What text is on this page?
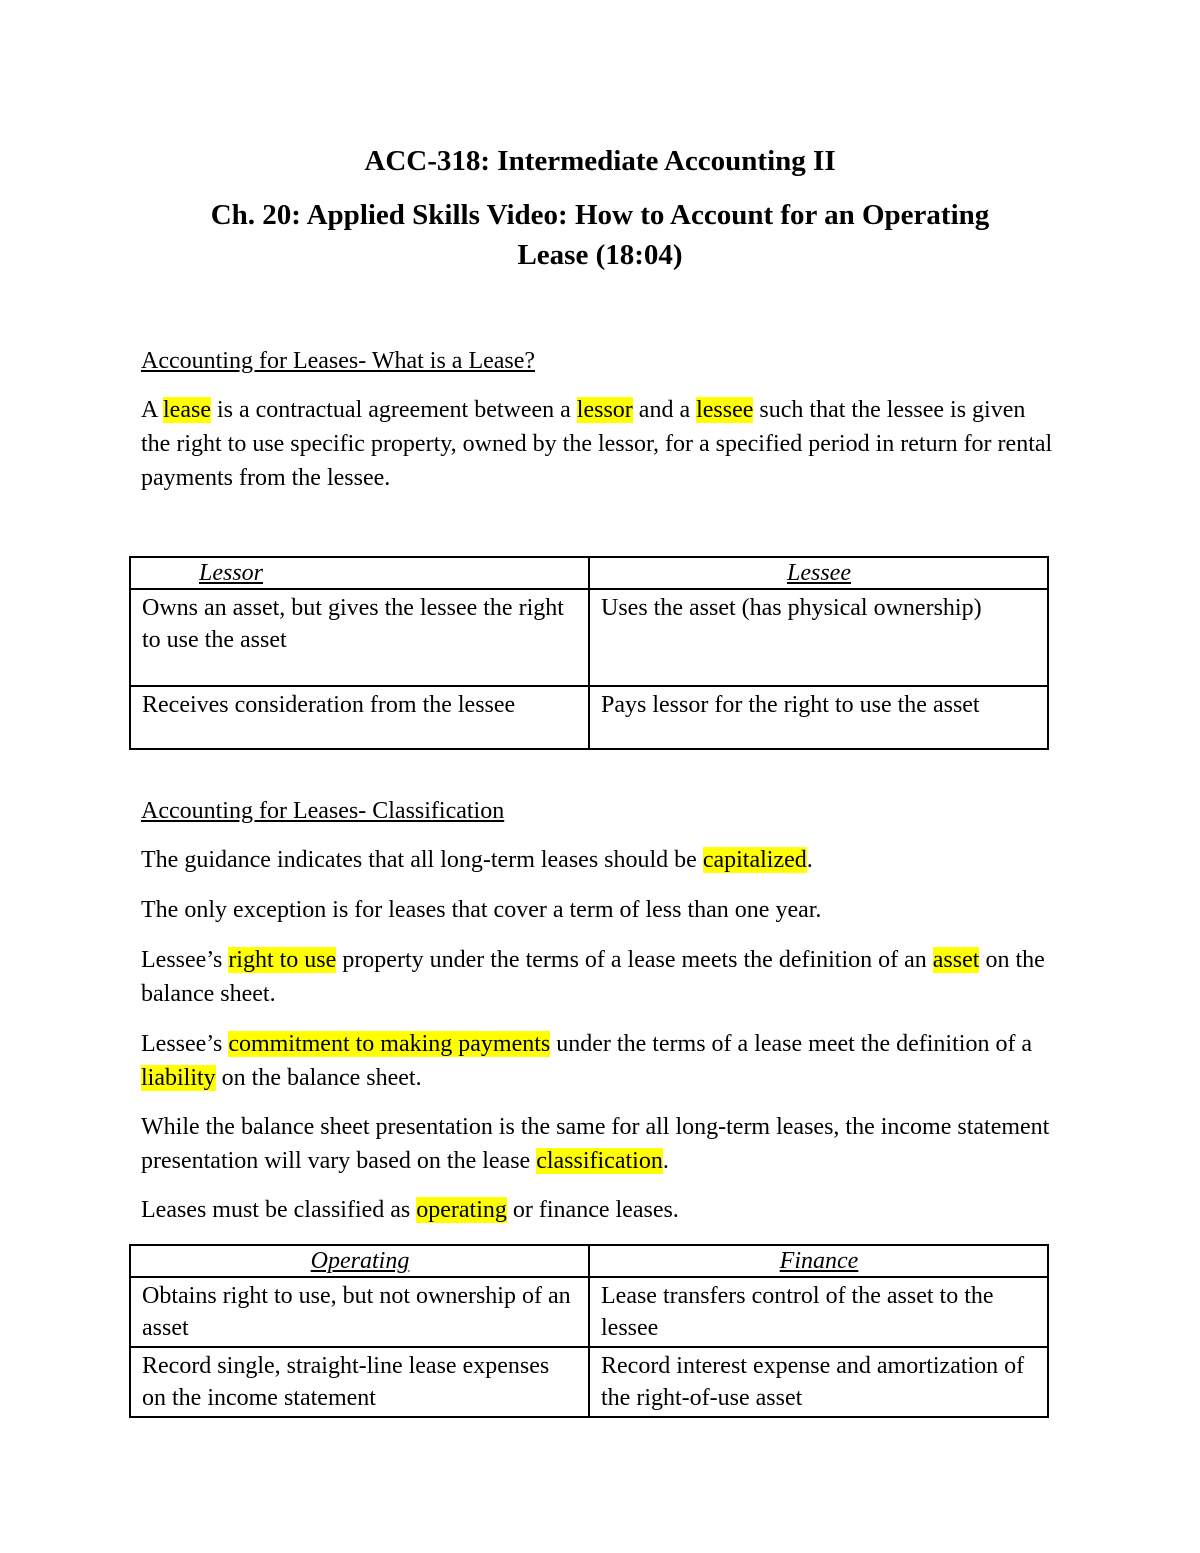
ACC-318: Intermediate Accounting II
Ch. 20: Applied Skills Video: How to Account for an Operating
Lease (18:04)
Accounting for Leases- What is a Lease?
A lease is a contractual agreement between a lessor and a lessee such that the lessee is given the right to use specific property, owned by the lessor, for a specified period in return for rental payments from the lessee.
Lessor	Lessee
Owns an asset, but gives the lessee the right to use the asset	Uses the asset (has physical ownership)
Receives consideration from the lessee	Pays lessor for the right to use the asset
Accounting for Leases- Classification
The guidance indicates that all long-term leases should be capitalized.
The only exception is for leases that cover a term of less than one year.
Lessee’s right to use property under the terms of a lease meets the definition of an asset on the balance sheet.
Lessee’s commitment to making payments under the terms of a lease meet the definition of a liability on the balance sheet.
While the balance sheet presentation is the same for all long-term leases, the income statement presentation will vary based on the lease classification.
Leases must be classified as operating or finance leases.
Operating	Finance
Obtains right to use, but not ownership of an asset	Lease transfers control of the asset to the lessee
Record single, straight-line lease expenses on the income statement	Record interest expense and amortization of the right-of-use asset
